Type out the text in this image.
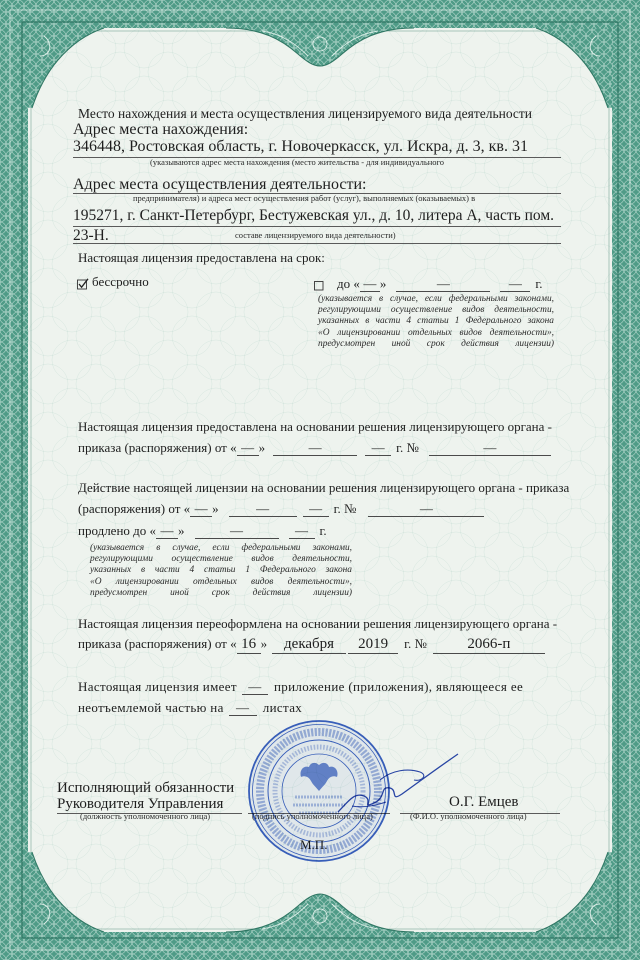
Место нахождения и места осуществления лицензируемого вида деятельности
Адрес места нахождения:
346448, Ростовская область, г. Новочеркасск, ул. Искра, д. 3, кв. 31
(указываются адрес места нахождения (место жительства - для индивидуального
Адрес места осуществления деятельности:
предпринимателя) и адреса мест осуществления работ (услуг), выполняемых (оказываемых) в
195271, г. Санкт-Петербург, Бестужевская ул., д. 10, литера А, часть пом.
23-Н.	составе лицензируемого вида деятельности)
Настоящая лицензия предоставлена на срок:
бессрочно	до « — »	—	—	г.
(указывается в случае, если федеральными законами,
регулирующими осуществление видов деятельности,
указанных в части 4 статьи 1 Федерального закона
«О лицензировании отдельных видов деятельности»,
предусмотрен иной срок действия лицензии)
Настоящая лицензия предоставлена на основании решения лицензирующего органа -
приказа (распоряжения) от « — »	—	— г. №	—
Действие настоящей лицензии на основании решения лицензирующего органа - приказа
(распоряжения) от « — »	—	— г. №	—
продлено до « — »	—	— г.
(указывается в случае, если федеральными законами,
регулирующими осуществление видов деятельности,
указанных в части 4 статьи 1 Федерального закона
«О лицензировании отдельных видов деятельности»,
предусмотрен иной срок действия лицензии)
Настоящая лицензия переоформлена на основании решения лицензирующего органа -
приказа (распоряжения) от « 16 »	декабря	2019	г. №	2066-п
Настоящая лицензия имеет — приложение (приложения), являющееся ее
неотъемлемой частью на —	листах
Исполняющий обязанности
Руководителя Управления
(должность уполномоченного лица)	(подпись уполномоченного лица)
О.Г. Емцев
(Ф.И.О. уполномоченного лица)
М.П.
